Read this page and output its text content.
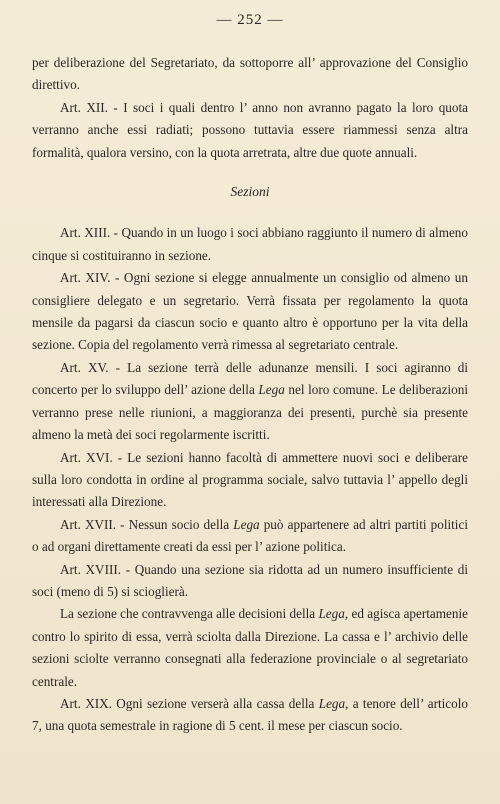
— 252 —

per deliberazione del Segretariato, da sottoporre all’ approvazione del Consiglio direttivo.

Art. XII. - I soci i quali dentro l’ anno non avranno pagato la loro quota verranno anche essi radiati; possono tuttavia essere riammessi senza altra formalità, qualora versino, con la quota arretrata, altre due quote annuali.

Sezioni

Art. XIII. - Quando in un luogo i soci abbiano raggiunto il numero di almeno cinque si costituiranno in sezione.

Art. XIV. - Ogni sezione si elegge annualmente un consiglio od almeno un consigliere delegato e un segretario. Verrà fissata per regolamento la quota mensile da pagarsi da ciascun socio e quanto altro è opportuno per la vita della sezione. Copia del regolamento verrà rimessa al segretariato centrale.

Art. XV. - La sezione terrà delle adunanze mensili. I soci agiranno di concerto per lo sviluppo dell’ azione della Lega nel loro comune. Le deliberazioni verranno prese nelle riunioni, a maggioranza dei presenti, purchè sia presente almeno la metà dei soci regolarmente iscritti.

Art. XVI. - Le sezioni hanno facoltà di ammettere nuovi soci e deliberare sulla loro condotta in ordine al programma sociale, salvo tuttavia l’ appello degli interessati alla Direzione.

Art. XVII. - Nessun socio della Lega può appartenere ad altri partiti politici o ad organi direttamente creati da essi per l’ azione politica.

Art. XVIII. - Quando una sezione sia ridotta ad un numero insufficiente di soci (meno di 5) si scioglierà.

La sezione che contravvenga alle decisioni della Lega, ed agisca apertamenie contro lo spirito di essa, verrà sciolta dalla Direzione. La cassa e l’ archivio delle sezioni sciolte verranno consegnati alla federazione provinciale o al segretariato centrale.

Art. XIX. Ogni sezione verserà alla cassa della Lega, a tenore dell’ articolo 7, una quota semestrale in ragione di 5 cent. il mese per ciascun socio.
